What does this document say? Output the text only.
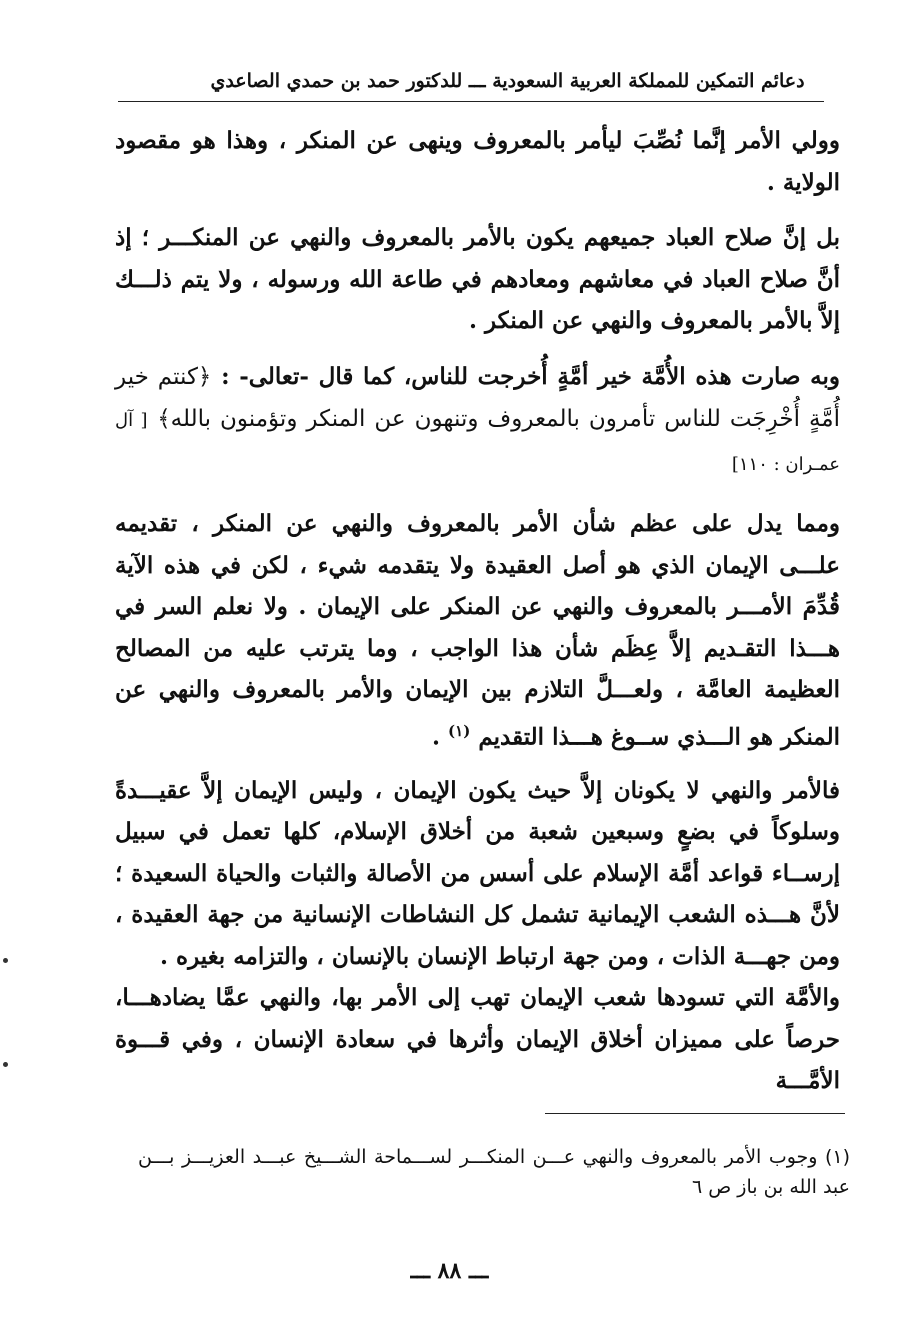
دعائم التمكين للمملكة العربية السعودية ـــ للدكتور حمد بن حمدي الصاعدي

وولي الأمر إنَّما نُصِّبَ ليأمر بالمعروف وينهى عن المنكر ، وهذا هو مقصود الولاية .

بل إنَّ صلاح العباد جميعهم يكون بالأمر بالمعروف والنهي عن المنكـــر ؛ إذ أنَّ صلاح العباد في معاشهم ومعادهم في طاعة الله ورسوله ، ولا يتم ذلـــك إلاَّ بالأمر بالمعروف والنهي عن المنكر .

وبه صارت هذه الأُمَّة خير أمَّةٍ أُخرجت للناس، كما قال -تعالى- : ﴿كنتم خير أُمَّةٍ أُخْرِجَت للناس تأمرون بالمعروف وتنهون عن المنكر وتؤمنون بالله﴾ [ آل عمـران : ١١٠]

ومما يدل على عظم شأن الأمر بالمعروف والنهي عن المنكر ، تقديمه علـــى الإيمان الذي هو أصل العقيدة ولا يتقدمه شيء ، لكن في هذه الآية قُدِّمَ الأمـــر بالمعروف والنهي عن المنكر على الإيمان . ولا نعلم السر في هـــذا التقـديم إلاَّ عِظَم شأن هذا الواجب ، وما يترتب عليه من المصالح العظيمة العامَّة ، ولعـــلَّ التلازم بين الإيمان والأمر بالمعروف والنهي عن المنكر هو الـــذي ســوغ هـــذا التقديم $^{(١)}$ .

فالأمر والنهي لا يكونان إلاَّ حيث يكون الإيمان ، وليس الإيمان إلاَّ عقيـــدةً وسلوكاً في بضعٍ وسبعين شعبة من أخلاق الإسلام، كلها تعمل في سبيل إرســاء قواعد أمَّة الإسلام على أسس من الأصالة والثبات والحياة السعيدة ؛ لأنَّ هـــذه الشعب الإيمانية تشمل كل النشاطات الإنسانية من جهة العقيدة ، ومن جهـــة الذات ، ومن جهة ارتباط الإنسان بالإنسان ، والتزامه بغيره .

والأمَّة التي تسودها شعب الإيمان تهب إلى الأمر بها، والنهي عمَّا يضادهـــا، حرصاً على مميزان أخلاق الإيمان وأثرها في سعادة الإنسان ، وفي قـــوة الأمَّـــة

(١) وجوب الأمر بالمعروف والنهي عـــن المنكـــر لســـماحة الشـــيخ عبـــد العزيـــز بـــن عبد الله بن باز ص ٦
ـــ ٨٨ ـــ
